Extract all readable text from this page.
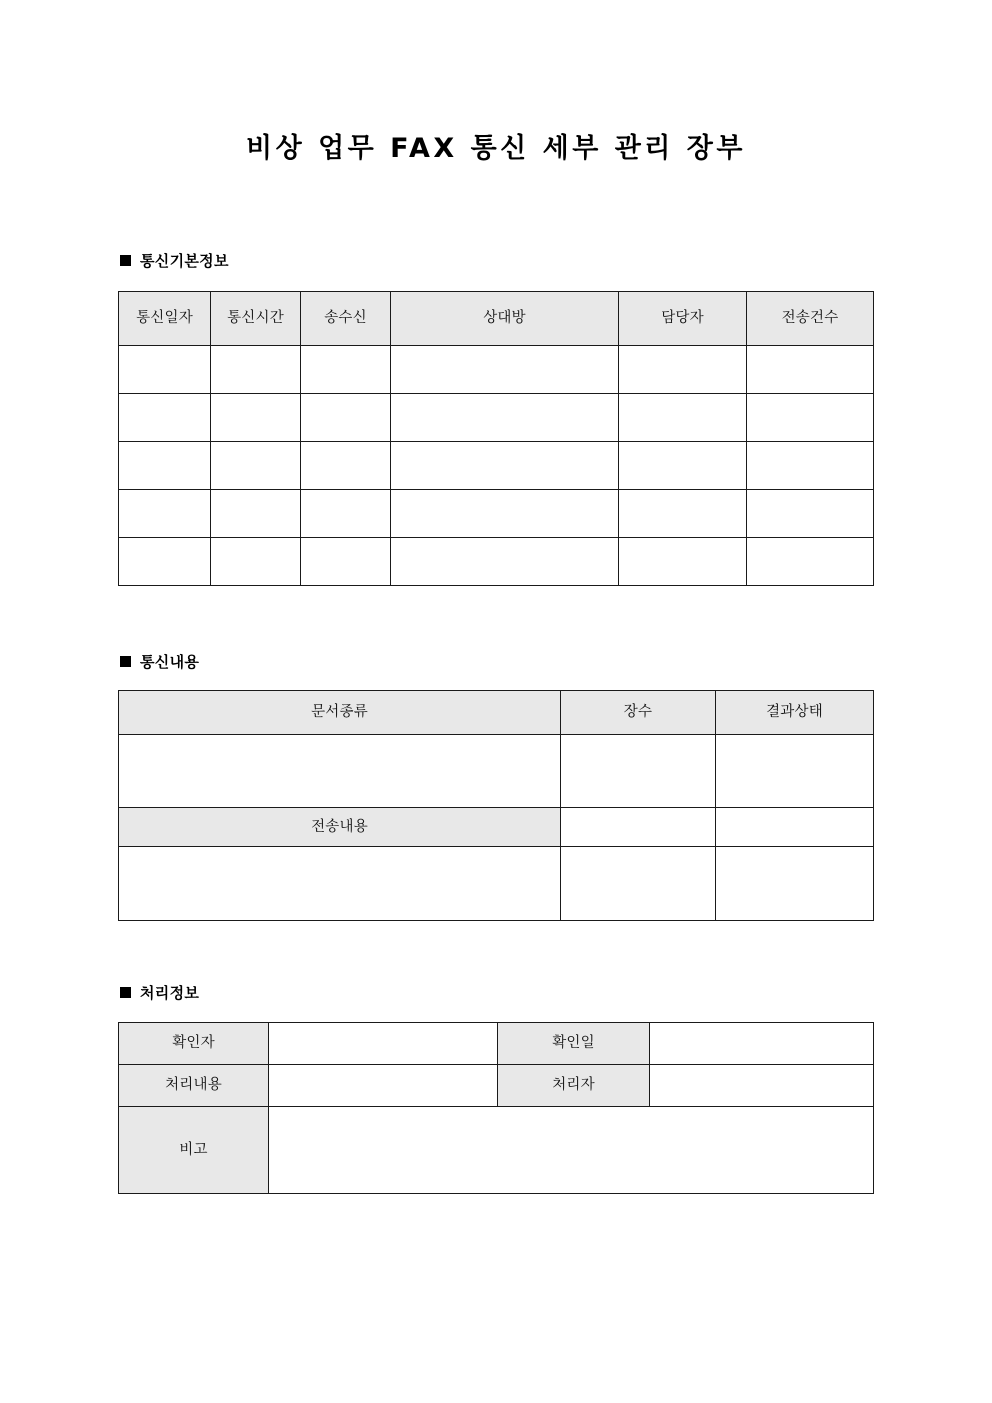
비상 업무 FAX 통신 세부 관리 장부
통신기본정보
통신일자	통신시간	송수신	상대방	담당자	전송건수

통신내용
문서종류	장수	결과상태

전송내용		

처리정보
확인자		확인일	

처리내용		처리자	

비고			
